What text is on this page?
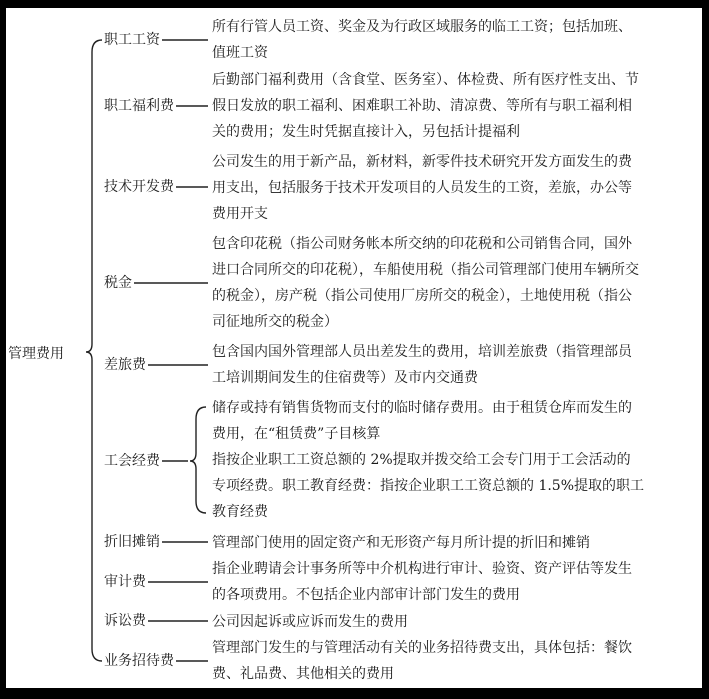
管理费用
职工工资
所有行管人员工资、奖金及为行政区域服务的临工工资；包括加班、
值班工资
职工福利费
后勤部门福利费用（含食堂、医务室）、体检费、所有医疗性支出、节
假日发放的职工福利、困难职工补助、清凉费、等所有与职工福利相
关的费用；发生时凭据直接计入，另包括计提福利
技术开发费
公司发生的用于新产品，新材料，新零件技术研究开发方面发生的费
用支出，包括服务于技术开发项目的人员发生的工资，差旅，办公等
费用开支
税金
包含印花税（指公司财务帐本所交纳的印花税和公司销售合同，国外
进口合同所交的印花税），车船使用税（指公司管理部门使用车辆所交
的税金），房产税（指公司使用厂房所交的税金），土地使用税（指公
司征地所交的税金）
差旅费
包含国内国外管理部人员出差发生的费用，培训差旅费（指管理部员
工培训期间发生的住宿费等）及市内交通费
工会经费
储存或持有销售货物而支付的临时储存费用。由于租赁仓库而发生的
费用，在“租赁费”子目核算
指按企业职工工资总额的 2%提取并拨交给工会专门用于工会活动的
专项经费。职工教育经费：指按企业职工工资总额的 1.5%提取的职工
教育经费
折旧摊销	管理部门使用的固定资产和无形资产每月所计提的折旧和摊销
审计费
指企业聘请会计事务所等中介机构进行审计、验资、资产评估等发生
的各项费用。不包括企业内部审计部门发生的费用
诉讼费	公司因起诉或应诉而发生的费用
业务招待费
管理部门发生的与管理活动有关的业务招待费支出，具体包括：餐饮
费、礼品费、其他相关的费用
